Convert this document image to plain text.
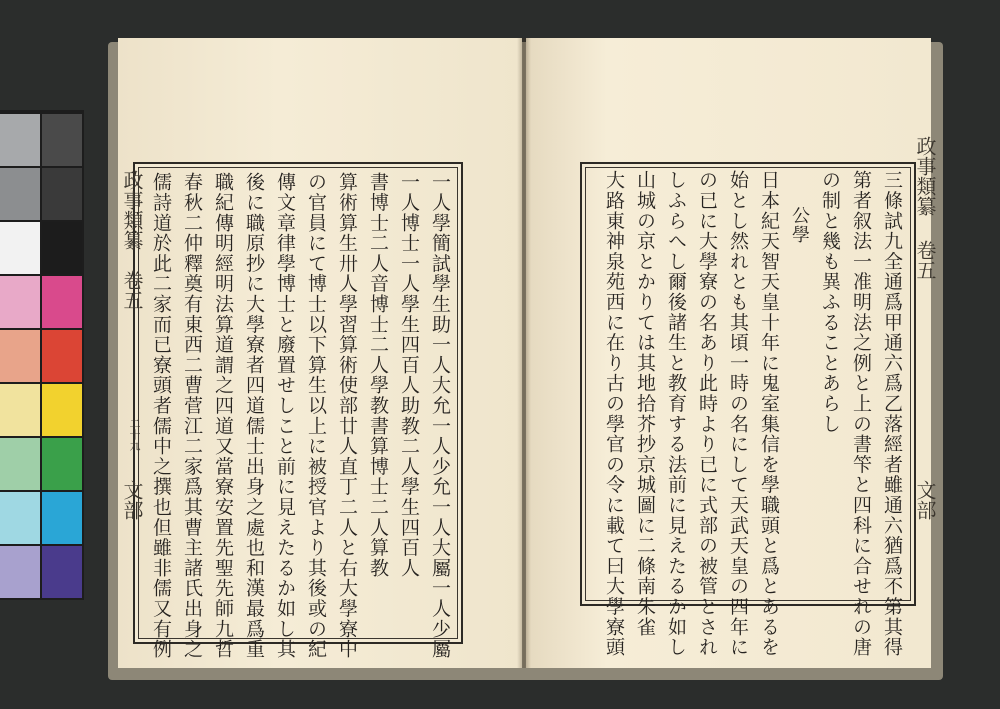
政事類纂
卷五
二十九
文部
政事類纂
卷五
文部
一人學簡試學生助一人大允一人少允一人大屬一人少屬
一人博士一人學生四百人助教二人學生四百人
書博士二人音博士二人學教書算博士二人算教
算術算生卅人學習算術使部廿人直丁二人と右大學寮中
の官員にて博士以下算生以上に被授官より其後或の紀
傳文章律學博士と廢置せしこと前に見えたるか如し其
後に職原抄に大學寮者四道儒士出身之處也和漢最爲重
職紀傳明經明法算道謂之四道又當寮安置先聖先師九哲
春秋二仲釋奠有東西二曹菅江二家爲其曹主諸氏出身之
儒詩道於此二家而已寮頭者儒中之撰也但雖非儒又有例	三條試九全通爲甲通六爲乙落經者雖通六猶爲不第其得
第者叙法一准明法之例と上の書笇と四科に合せれの唐
の制と幾も異ふることあらし
公學
日本紀天智天皇十年に鬼室集信を學職頭と爲とあるを
始とし然れとも其頃一時の名にして天武天皇の四年に
の已に大學寮の名あり此時より已に式部の被管とされ
しふらへし爾後諸生と教育する法前に見えたるか如し
山城の京とかりては其地拾芥抄京城圖に二條南朱雀
大路東神泉苑西に在り古の學官の令に載て曰大學寮頭
